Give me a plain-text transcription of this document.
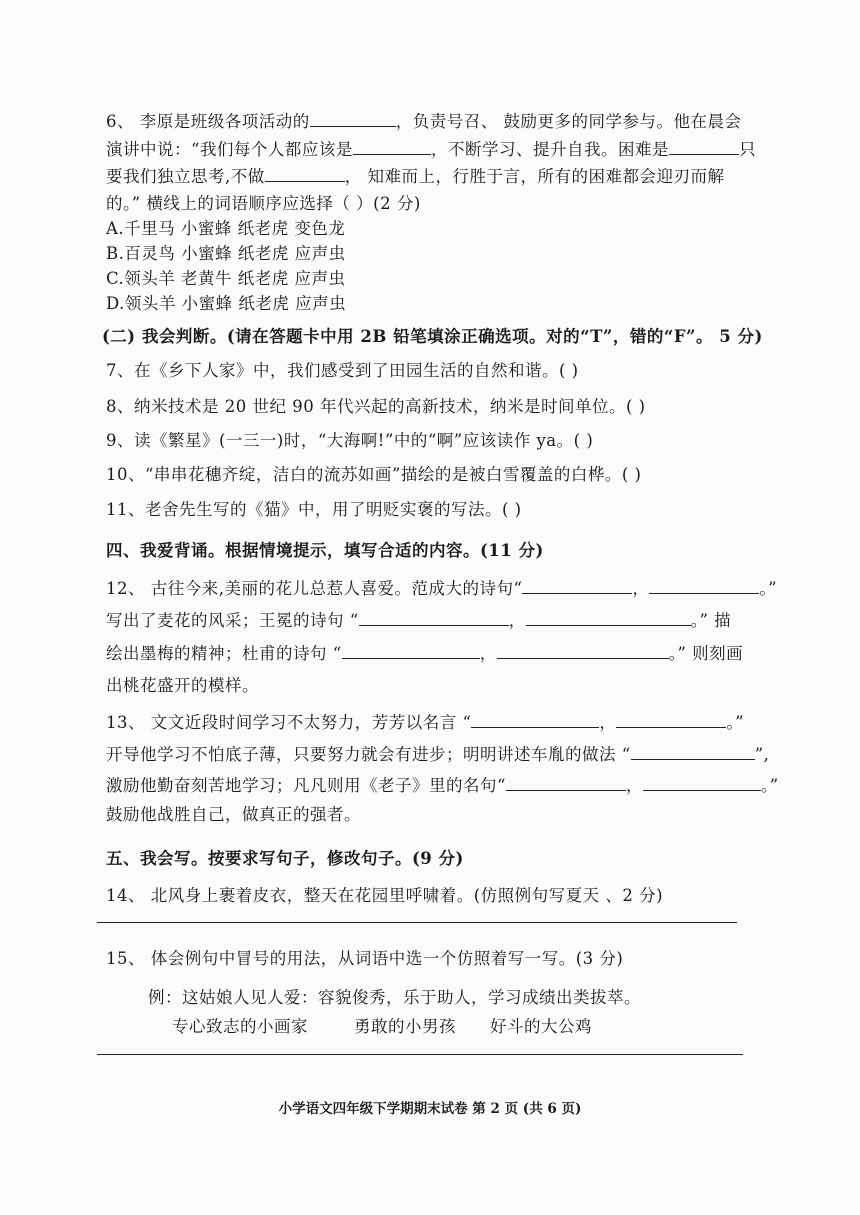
6、 李原是班级各项活动的	，负责号召、 鼓励更多的同学参与。他在晨会
演讲中说：“我们每个人都应该是	，不断学习、提升自我。困难是	只
要我们独立思考,不做	， 知难而上，行胜于言，所有的困难都会迎刃而解
的。” 横线上的词语顺序应选择（ ）(2 分)
A.千里马 小蜜蜂 纸老虎 变色龙
B.百灵鸟 小蜜蜂 纸老虎 应声虫
C.领头羊 老黄牛 纸老虎 应声虫
D.领头羊 小蜜蜂 纸老虎 应声虫
(二) 我会判断。(请在答题卡中用 2B 铅笔填涂正确选项。对的“T”，错的“F”。 5 分)
7、在《乡下人家》中，我们感受到了田园生活的自然和谐。( )
8、纳米技术是 20 世纪 90 年代兴起的高新技术，纳米是时间单位。( )
9、读《繁星》(一三一)时，“大海啊!”中的“啊”应该读作 ya。( )
10、“串串花穗齐绽，洁白的流苏如画”描绘的是被白雪覆盖的白桦。( )
11、老舍先生写的《猫》中，用了明贬实褒的写法。( )
四、我爱背诵。根据情境提示，填写合适的内容。(11 分)
12、 古往今来,美丽的花儿总惹人喜爱。范成大的诗句“	，	。”
写出了麦花的风采；王冕的诗句 “	，	。” 描
绘出墨梅的精神；杜甫的诗句 “	，	。” 则刻画
出桃花盛开的模样。
13、 文文近段时间学习不太努力，芳芳以名言 “	，	。”
开导他学习不怕底子薄，只要努力就会有进步；明明讲述车胤的做法 “	”,
激励他勤奋刻苦地学习；凡凡则用《老子》里的名句“	，	。”
鼓励他战胜自己，做真正的强者。
五、我会写。按要求写句子，修改句子。(9 分)
14、 北风身上裹着皮衣，整天在花园里呼啸着。(仿照例句写夏天 、2 分)
15、 体会例句中冒号的用法，从词语中选一个仿照着写一写。(3 分)
例：这姑娘人见人爱：容貌俊秀，乐于助人，学习成绩出类拔萃。
专心致志的小画家	勇敢的小男孩 好斗的大公鸡
小学语文四年级下学期期末试卷 第 2 页 (共 6 页)
